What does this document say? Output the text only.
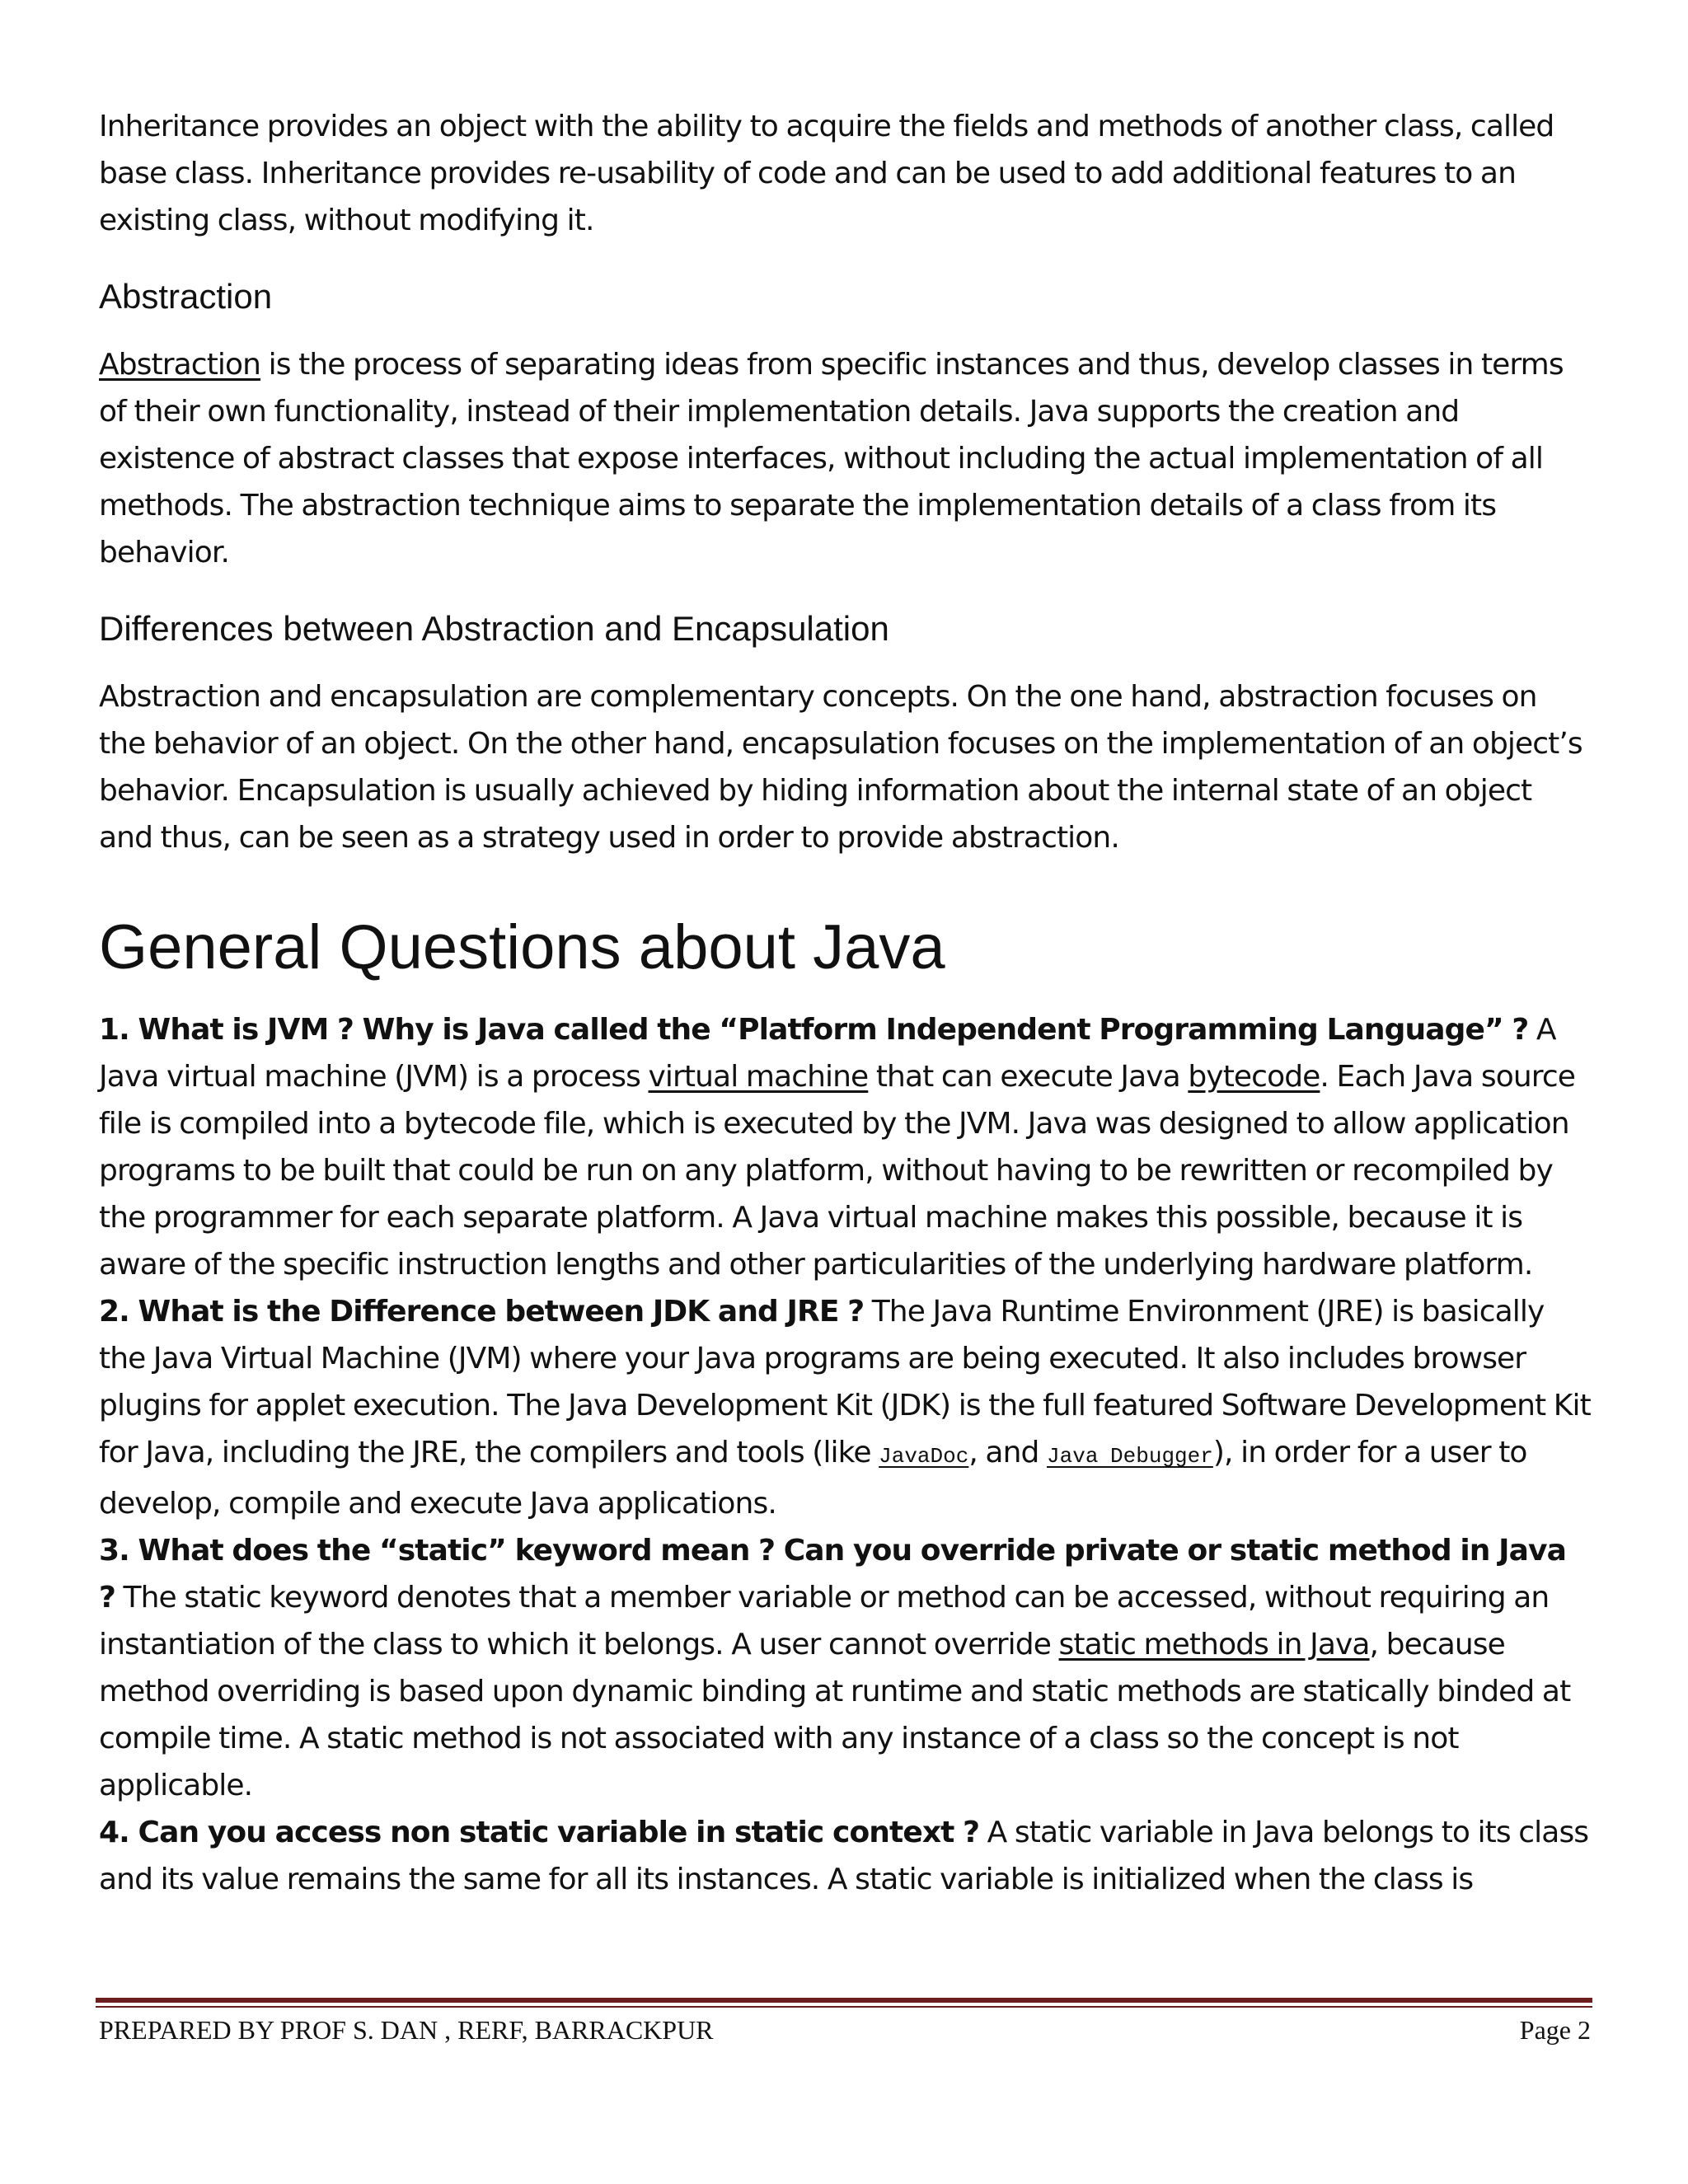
Inheritance provides an object with the ability to acquire the fields and methods of another class, called base class. Inheritance provides re-usability of code and can be used to add additional features to an existing class, without modifying it.

Abstraction

Abstraction is the process of separating ideas from specific instances and thus, develop classes in terms of their own functionality, instead of their implementation details. Java supports the creation and existence of abstract classes that expose interfaces, without including the actual implementation of all methods. The abstraction technique aims to separate the implementation details of a class from its behavior.

Differences between Abstraction and Encapsulation

Abstraction and encapsulation are complementary concepts. On the one hand, abstraction focuses on the behavior of an object. On the other hand, encapsulation focuses on the implementation of an object’s behavior. Encapsulation is usually achieved by hiding information about the internal state of an object and thus, can be seen as a strategy used in order to provide abstraction.

General Questions about Java

1. What is JVM ? Why is Java called the “Platform Independent Programming Language” ? A Java virtual machine (JVM) is a process virtual machine that can execute Java bytecode. Each Java source file is compiled into a bytecode file, which is executed by the JVM. Java was designed to allow application programs to be built that could be run on any platform, without having to be rewritten or recompiled by the programmer for each separate platform. A Java virtual machine makes this possible, because it is aware of the specific instruction lengths and other particularities of the underlying hardware platform.

2. What is the Difference between JDK and JRE ? The Java Runtime Environment (JRE) is basically the Java Virtual Machine (JVM) where your Java programs are being executed. It also includes browser plugins for applet execution. The Java Development Kit (JDK) is the full featured Software Development Kit for Java, including the JRE, the compilers and tools (like JavaDoc, and Java Debugger), in order for a user to develop, compile and execute Java applications.

3. What does the “static” keyword mean ? Can you override private or static method in Java ? The static keyword denotes that a member variable or method can be accessed, without requiring an instantiation of the class to which it belongs. A user cannot override static methods in Java, because method overriding is based upon dynamic binding at runtime and static methods are statically binded at compile time. A static method is not associated with any instance of a class so the concept is not applicable.

4. Can you access non static variable in static context ? A static variable in Java belongs to its class and its value remains the same for all its instances. A static variable is initialized when the class is

PREPARED BY PROF S. DAN , RERF, BARRACKPUR	Page 2
